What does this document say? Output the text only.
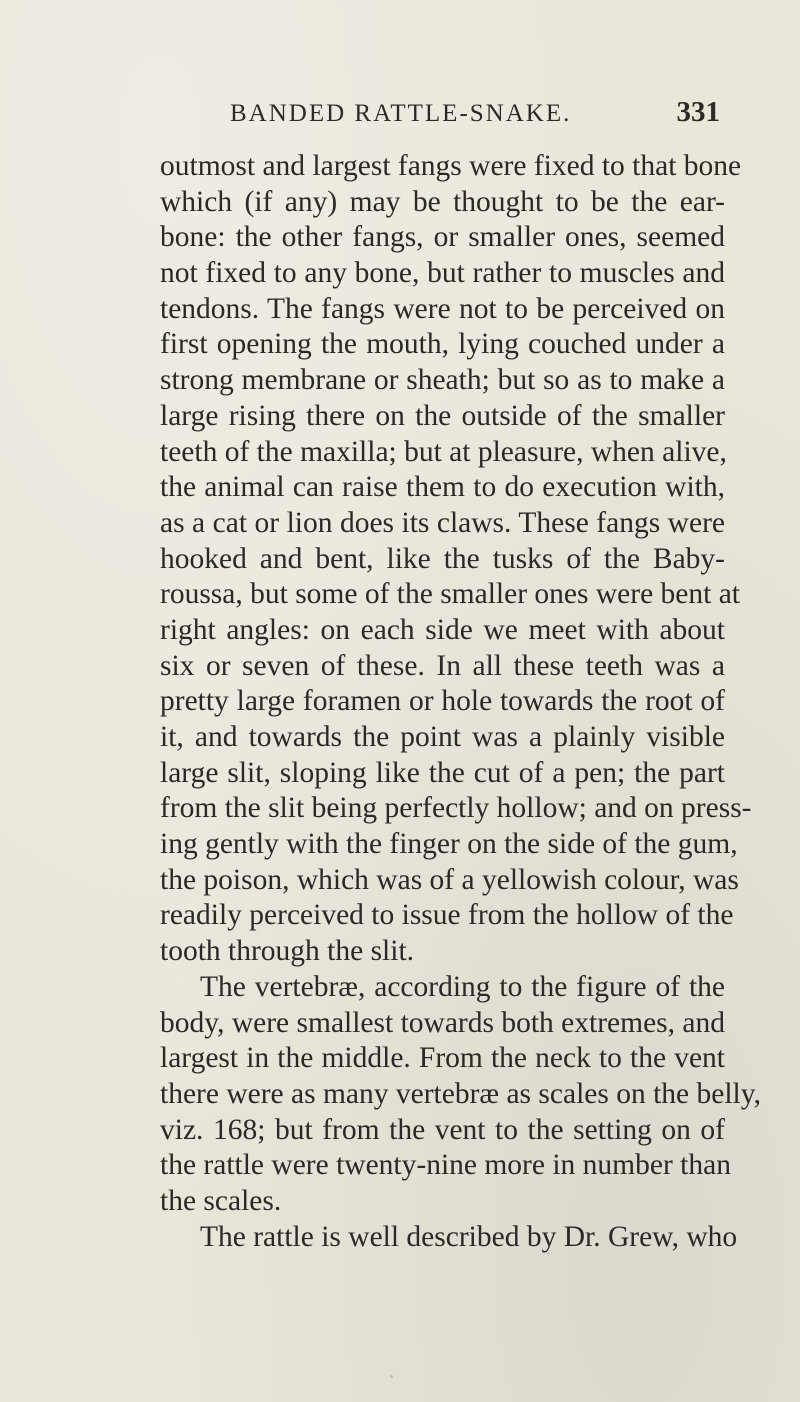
BANDED RATTLE-SNAKE.	331
outmost and largest fangs were fixed to that bone
which (if any) may be thought to be the ear-
bone: the other fangs, or smaller ones, seemed
not fixed to any bone, but rather to muscles and
tendons. The fangs were not to be perceived on
first opening the mouth, lying couched under a
strong membrane or sheath; but so as to make a
large rising there on the outside of the smaller
teeth of the maxilla; but at pleasure, when alive,
the animal can raise them to do execution with,
as a cat or lion does its claws. These fangs were
hooked and bent, like the tusks of the Baby-
roussa, but some of the smaller ones were bent at
right angles: on each side we meet with about
six or seven of these. In all these teeth was a
pretty large foramen or hole towards the root of
it, and towards the point was a plainly visible
large slit, sloping like the cut of a pen; the part
from the slit being perfectly hollow; and on press-
ing gently with the finger on the side of the gum,
the poison, which was of a yellowish colour, was
readily perceived to issue from the hollow of the
tooth through the slit.
The vertebræ, according to the figure of the
body, were smallest towards both extremes, and
largest in the middle. From the neck to the vent
there were as many vertebræ as scales on the belly,
viz. 168; but from the vent to the setting on of
the rattle were twenty-nine more in number than
the scales.
The rattle is well described by Dr. Grew, who
